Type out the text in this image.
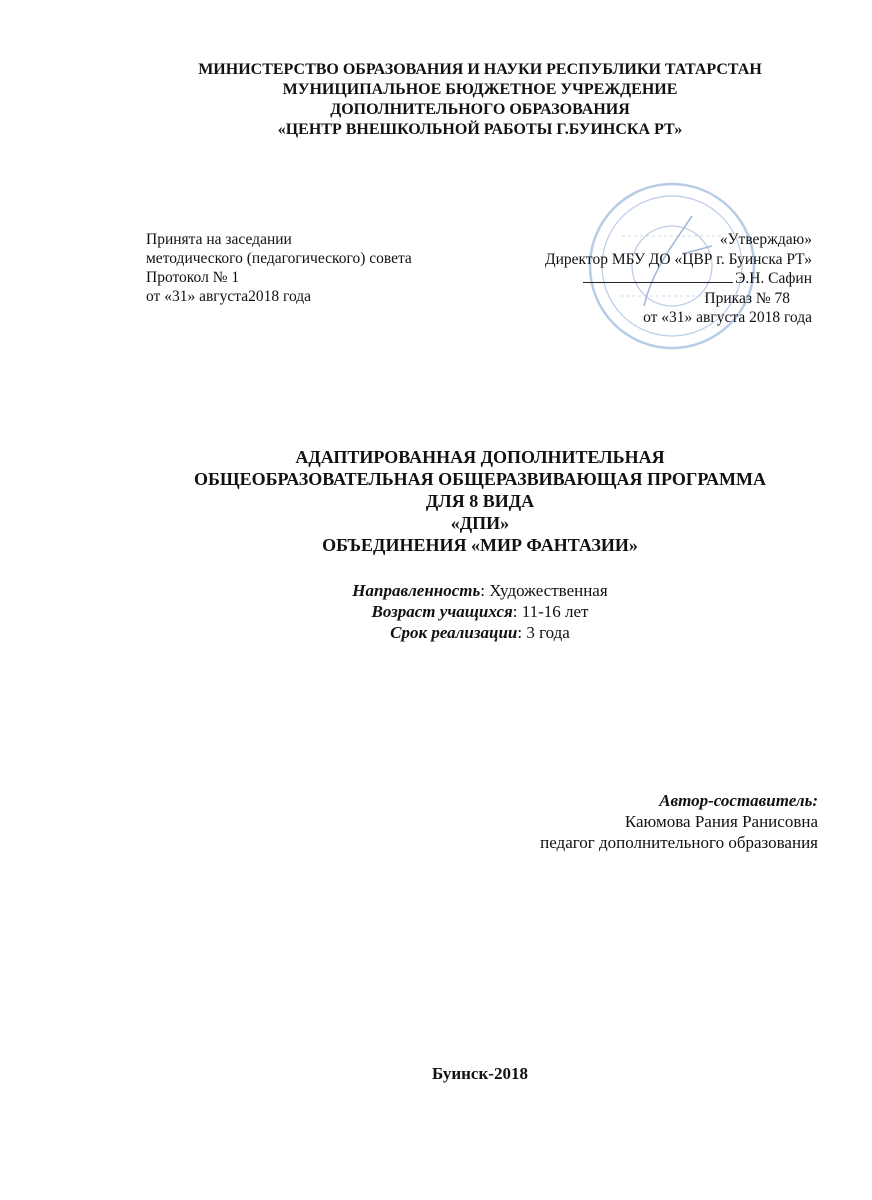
МИНИСТЕРСТВО ОБРАЗОВАНИЯ И НАУКИ РЕСПУБЛИКИ ТАТАРСТАН
МУНИЦИПАЛЬНОЕ БЮДЖЕТНОЕ УЧРЕЖДЕНИЕ
ДОПОЛНИТЕЛЬНОГО ОБРАЗОВАНИЯ
«ЦЕНТР ВНЕШКОЛЬНОЙ РАБОТЫ Г.БУИНСКА РТ»
Принята на заседании
методического (педагогического) совета
Протокол № 1
от «31» августа2018 года
«Утверждаю»
Директор МБУ ДО «ЦВР г. Буинска РТ»
Э.Н. Сафин
Приказ № 78
от «31» августа 2018 года
АДАПТИРОВАННАЯ ДОПОЛНИТЕЛЬНАЯ
ОБЩЕОБРАЗОВАТЕЛЬНАЯ ОБЩЕРАЗВИВАЮЩАЯ ПРОГРАММА
ДЛЯ 8 ВИДА
«ДПИ»
ОБЪЕДИНЕНИЯ «МИР ФАНТАЗИИ»
Направленность: Художественная
Возраст учащихся: 11-16 лет
Срок реализации: 3 года
Автор-составитель:
Каюмова Рания Ранисовна
педагог дополнительного образования
Буинск-2018
